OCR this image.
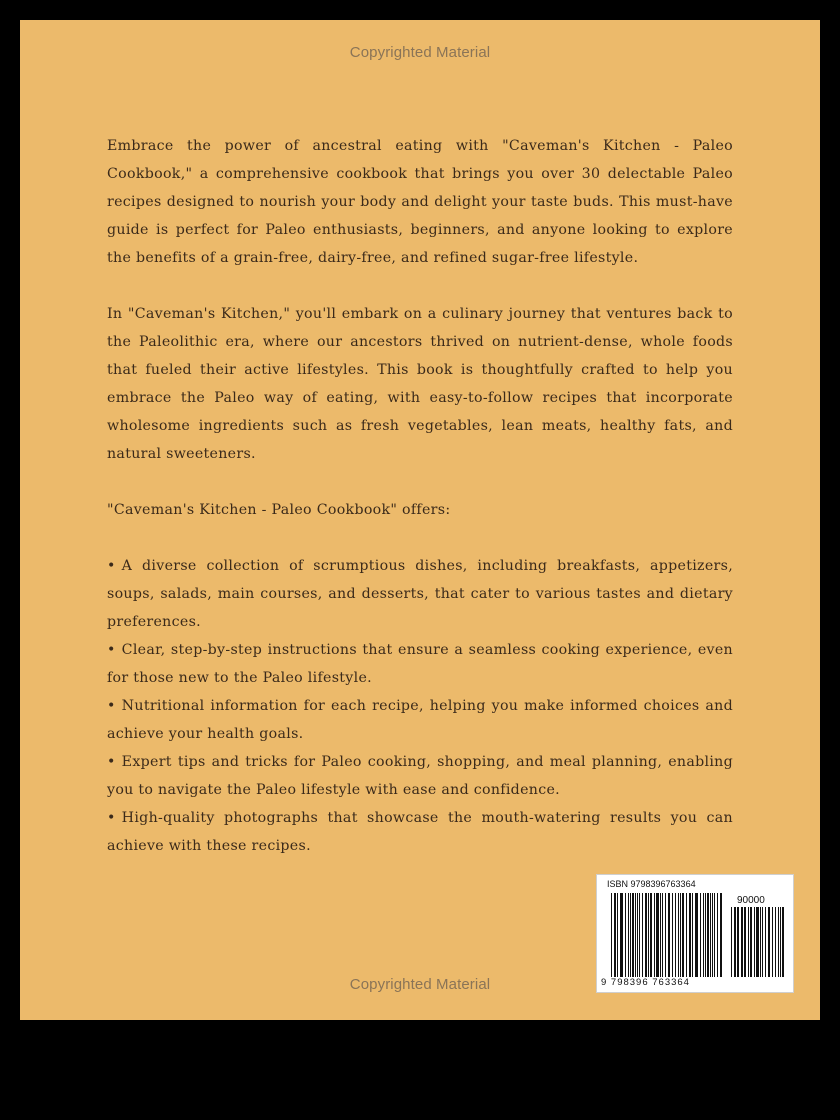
Copyrighted Material

Embrace the power of ancestral eating with "Caveman's Kitchen - Paleo Cookbook," a comprehensive cookbook that brings you over 30 delectable Paleo recipes designed to nourish your body and delight your taste buds. This must-have guide is perfect for Paleo enthusiasts, beginners, and anyone looking to explore the benefits of a grain-free, dairy-free, and refined sugar-free lifestyle.

In "Caveman's Kitchen," you'll embark on a culinary journey that ventures back to the Paleolithic era, where our ancestors thrived on nutrient-dense, whole foods that fueled their active lifestyles. This book is thoughtfully crafted to help you embrace the Paleo way of eating, with easy-to-follow recipes that incorporate wholesome ingredients such as fresh vegetables, lean meats, healthy fats, and natural sweeteners.

"Caveman's Kitchen - Paleo Cookbook" offers:

• A diverse collection of scrumptious dishes, including breakfasts, appetizers, soups, salads, main courses, and desserts, that cater to various tastes and dietary preferences.
• Clear, step-by-step instructions that ensure a seamless cooking experience, even for those new to the Paleo lifestyle.
• Nutritional information for each recipe, helping you make informed choices and achieve your health goals.
• Expert tips and tricks for Paleo cooking, shopping, and meal planning, enabling you to navigate the Paleo lifestyle with ease and confidence.
• High-quality photographs that showcase the mouth-watering results you can achieve with these recipes.
ISBN 9798396763364
90000
9 798396 763364
Copyrighted Material
